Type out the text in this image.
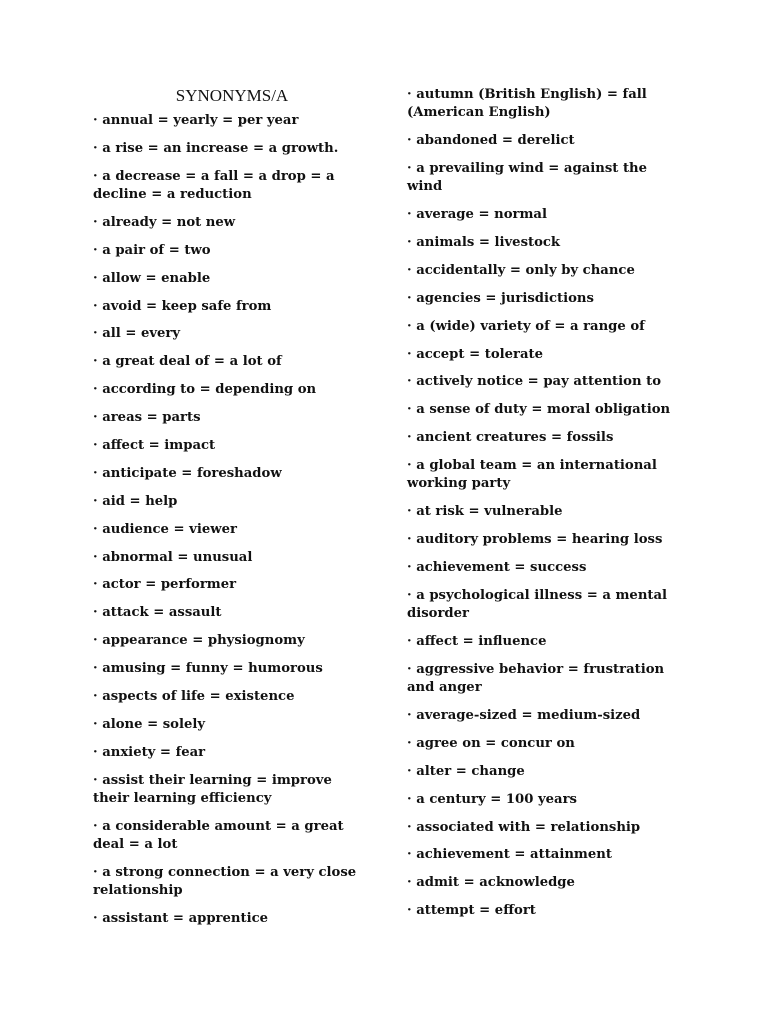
SYNONYMS/A
· annual = yearly = per year
· a rise = an increase = a growth.
· a decrease = a fall = a drop = a decline = a reduction
· already = not new
· a pair of = two
· allow = enable
· avoid = keep safe from
· all = every
· a great deal of = a lot of
· according to = depending on
· areas = parts
· affect = impact
· anticipate = foreshadow
· aid = help
· audience = viewer
· abnormal = unusual
· actor = performer
· attack = assault
· appearance = physiognomy
· amusing = funny = humorous
· aspects of life = existence
· alone = solely
· anxiety = fear
· assist their learning = improve their learning efficiency
· a considerable amount = a great deal = a lot
· a strong connection = a very close relationship
· assistant = apprentice
· autumn (British English) = fall (American English)
· abandoned = derelict
· a prevailing wind = against the wind
· average = normal
· animals = livestock
· accidentally = only by chance
· agencies = jurisdictions
· a (wide) variety of = a range of
· accept = tolerate
· actively notice = pay attention to
· a sense of duty = moral obligation
· ancient creatures = fossils
· a global team = an international working party
· at risk = vulnerable
· auditory problems = hearing loss
· achievement = success
· a psychological illness = a mental disorder
· affect = influence
· aggressive behavior = frustration and anger
· average-sized = medium-sized
· agree on = concur on
· alter = change
· a century = 100 years
· associated with = relationship
· achievement = attainment
· admit = acknowledge
· attempt = effort
